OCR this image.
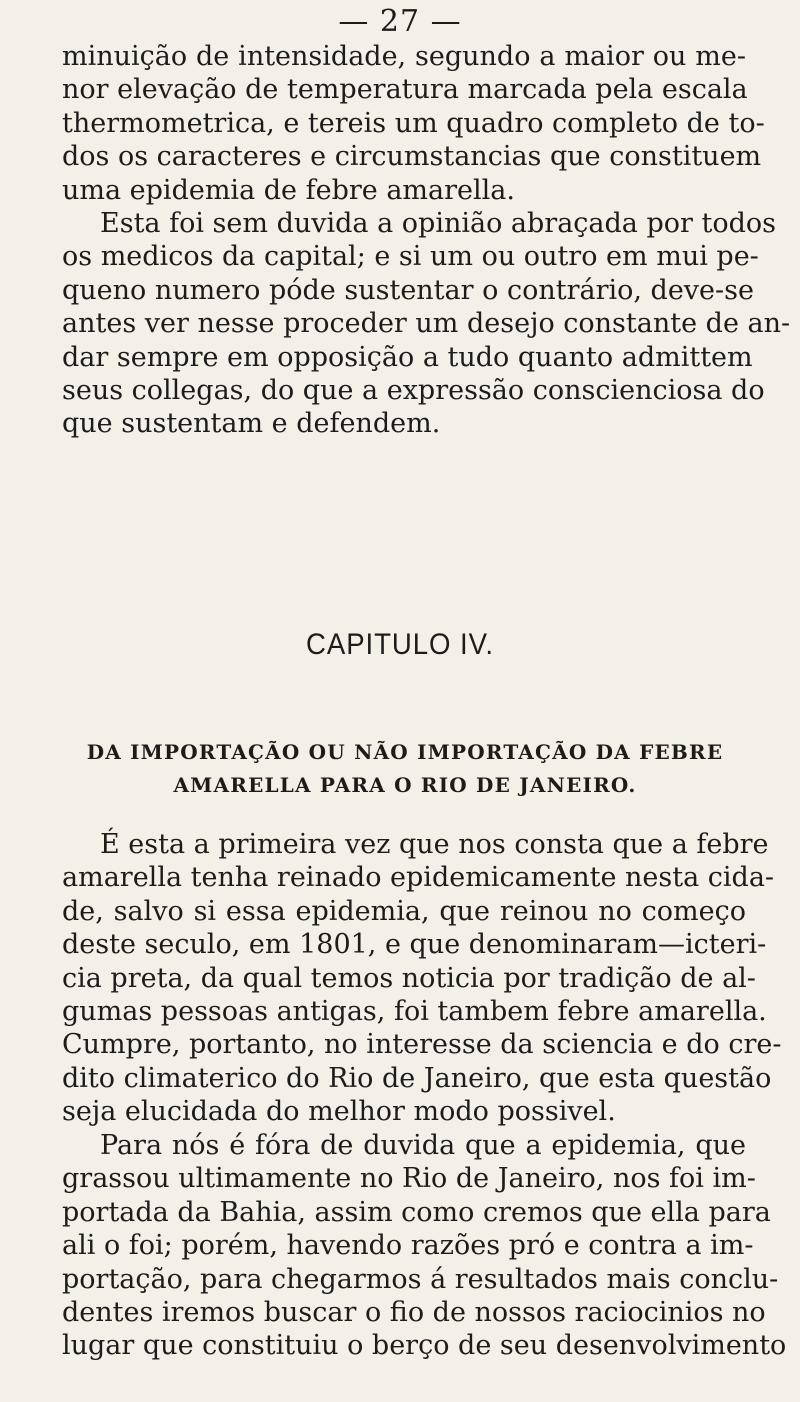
— 27 —

minuição de intensidade, segundo a maior ou me-
nor elevação de temperatura marcada pela escala
thermometrica, e tereis um quadro completo de to-
dos os caracteres e circumstancias que constituem
uma epidemia de febre amarella.

Esta foi sem duvida a opinião abraçada por todos
os medicos da capital; e si um ou outro em mui pe-
queno numero póde sustentar o contrário, deve-se
antes ver nesse proceder um desejo constante de an-
dar sempre em opposição a tudo quanto admittem
seus collegas, do que a expressão conscienciosa do
que sustentam e defendem.

CAPITULO IV.
DA IMPORTAÇÃO OU NÃO IMPORTAÇÃO DA FEBRE
AMARELLA PARA O RIO DE JANEIRO.

É esta a primeira vez que nos consta que a febre
amarella tenha reinado epidemicamente nesta cida-
de, salvo si essa epidemia, que reinou no começo
deste seculo, em 1801, e que denominaram—icteri-
cia preta, da qual temos noticia por tradição de al-
gumas pessoas antigas, foi tambem febre amarella.
Cumpre, portanto, no interesse da sciencia e do cre-
dito climaterico do Rio de Janeiro, que esta questão
seja elucidada do melhor modo possivel.

Para nós é fóra de duvida que a epidemia, que
grassou ultimamente no Rio de Janeiro, nos foi im-
portada da Bahia, assim como cremos que ella para
ali o foi; porém, havendo razões pró e contra a im-
portação, para chegarmos á resultados mais conclu-
dentes iremos buscar o fio de nossos raciocinios no
lugar que constituiu o berço de seu desenvolvimento
